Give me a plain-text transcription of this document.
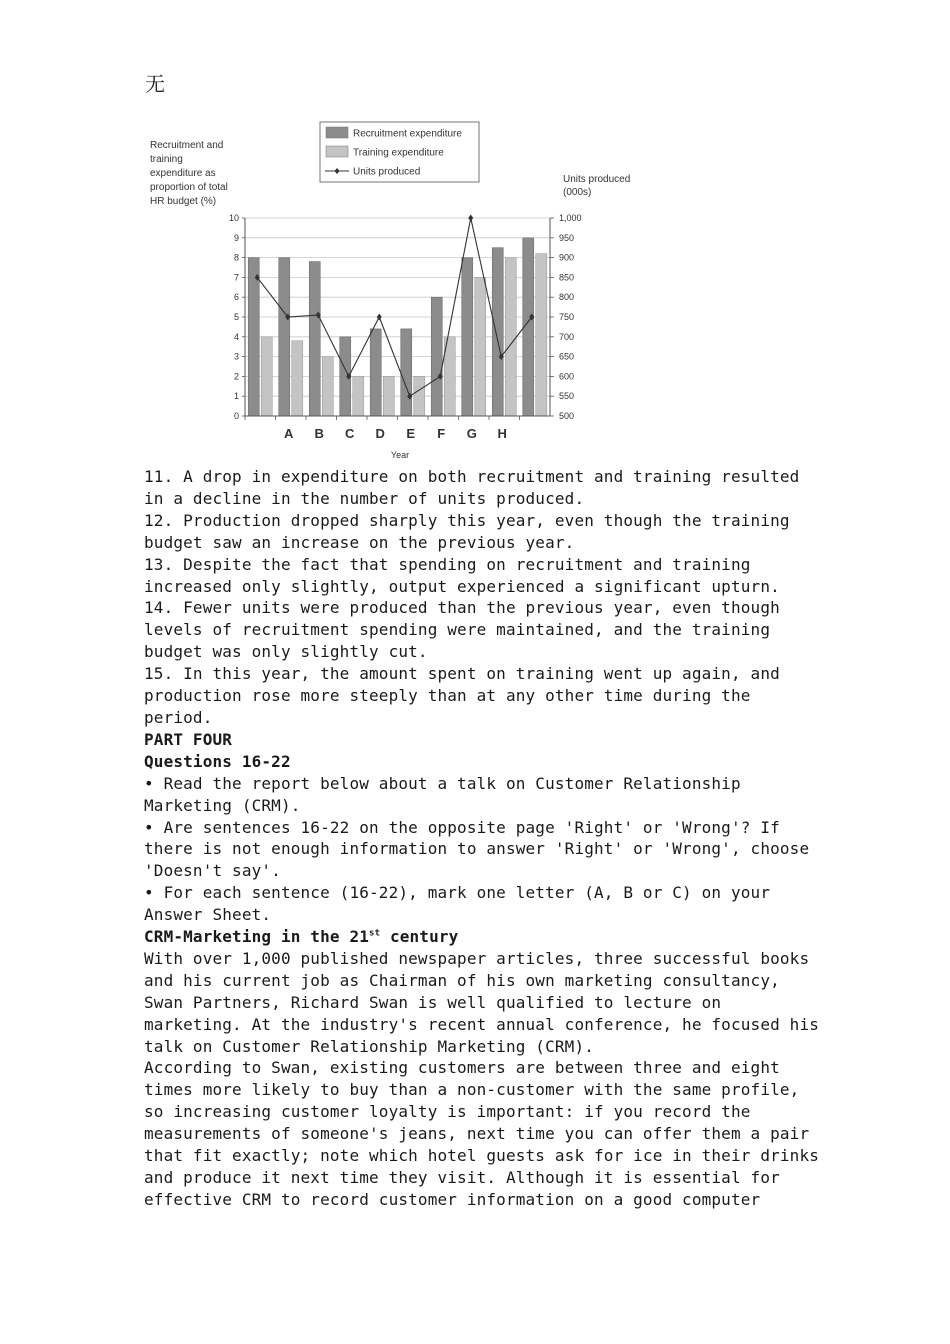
无
0
1
2
3
4
5
6
7
8
9
10
500
550
600
650
700
750
800
850
900
950
1,000
Recruitment expenditure
Training expenditure
Units produced
A B C D E F G H
Year
Recruitment and
training
expenditure as
proportion of total
HR budget (%)
Units produced
(000s)

11. A drop in expenditure on both recruitment and training resulted in a decline in the number of units produced.

12. Production dropped sharply this year, even though the training budget saw an increase on the previous year.

13. Despite the fact that spending on recruitment and training increased only slightly, output experienced a significant upturn.

14. Fewer units were produced than the previous year, even though levels of recruitment spending were maintained, and the training budget was only slightly cut.

15. In this year, the amount spent on training went up again, and production rose more steeply than at any other time during the period.

PART FOUR

Questions 16-22

• Read the report below about a talk on Customer Relationship Marketing (CRM).

• Are sentences 16-22 on the opposite page 'Right' or 'Wrong'? If there is not enough information to answer 'Right' or 'Wrong', choose 'Doesn't say'.

• For each sentence (16-22), mark one letter (A, B or C) on your Answer Sheet.

CRM-Marketing in the 21st century

With over 1,000 published newspaper articles, three successful books and his current job as Chairman of his own marketing consultancy, Swan Partners, Richard Swan is well qualified to lecture on marketing. At the industry's recent annual conference, he focused his talk on Customer Relationship Marketing (CRM).

According to Swan, existing customers are between three and eight times more likely to buy than a non-customer with the same profile, so increasing customer loyalty is important: if you record the measurements of someone's jeans, next time you can offer them a pair that fit exactly; note which hotel guests ask for ice in their drinks and produce it next time they visit. Although it is essential for effective CRM to record customer information on a good computer
